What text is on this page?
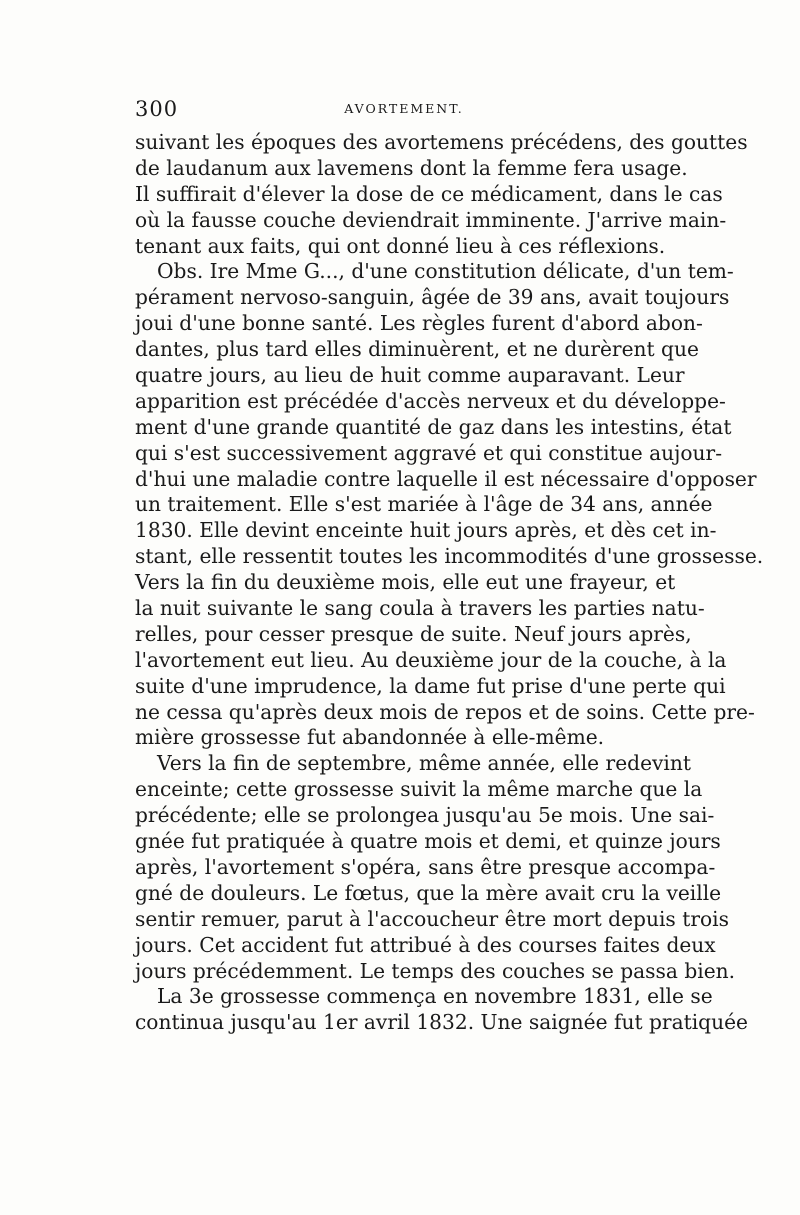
300	AVORTEMENT.
suivant les époques des avortemens précédens, des gouttes
de laudanum aux lavemens dont la femme fera usage.
Il suffirait d'élever la dose de ce médicament, dans le cas
où la fausse couche deviendrait imminente. J'arrive main-
tenant aux faits, qui ont donné lieu à ces réflexions.
Obs. Ire Mme G..., d'une constitution délicate, d'un tem-
pérament nervoso-sanguin, âgée de 39 ans, avait toujours
joui d'une bonne santé. Les règles furent d'abord abon-
dantes, plus tard elles diminuèrent, et ne durèrent que
quatre jours, au lieu de huit comme auparavant. Leur
apparition est précédée d'accès nerveux et du développe-
ment d'une grande quantité de gaz dans les intestins, état
qui s'est successivement aggravé et qui constitue aujour-
d'hui une maladie contre laquelle il est nécessaire d'opposer
un traitement. Elle s'est mariée à l'âge de 34 ans, année
1830. Elle devint enceinte huit jours après, et dès cet in-
stant, elle ressentit toutes les incommodités d'une grossesse.
Vers la fin du deuxième mois, elle eut une frayeur, et
la nuit suivante le sang coula à travers les parties natu-
relles, pour cesser presque de suite. Neuf jours après,
l'avortement eut lieu. Au deuxième jour de la couche, à la
suite d'une imprudence, la dame fut prise d'une perte qui
ne cessa qu'après deux mois de repos et de soins. Cette pre-
mière grossesse fut abandonnée à elle-même.
Vers la fin de septembre, même année, elle redevint
enceinte; cette grossesse suivit la même marche que la
précédente; elle se prolongea jusqu'au 5e mois. Une sai-
gnée fut pratiquée à quatre mois et demi, et quinze jours
après, l'avortement s'opéra, sans être presque accompa-
gné de douleurs. Le fœtus, que la mère avait cru la veille
sentir remuer, parut à l'accoucheur être mort depuis trois
jours. Cet accident fut attribué à des courses faites deux
jours précédemment. Le temps des couches se passa bien.
La 3e grossesse commença en novembre 1831, elle se
continua jusqu'au 1er avril 1832. Une saignée fut pratiquée
